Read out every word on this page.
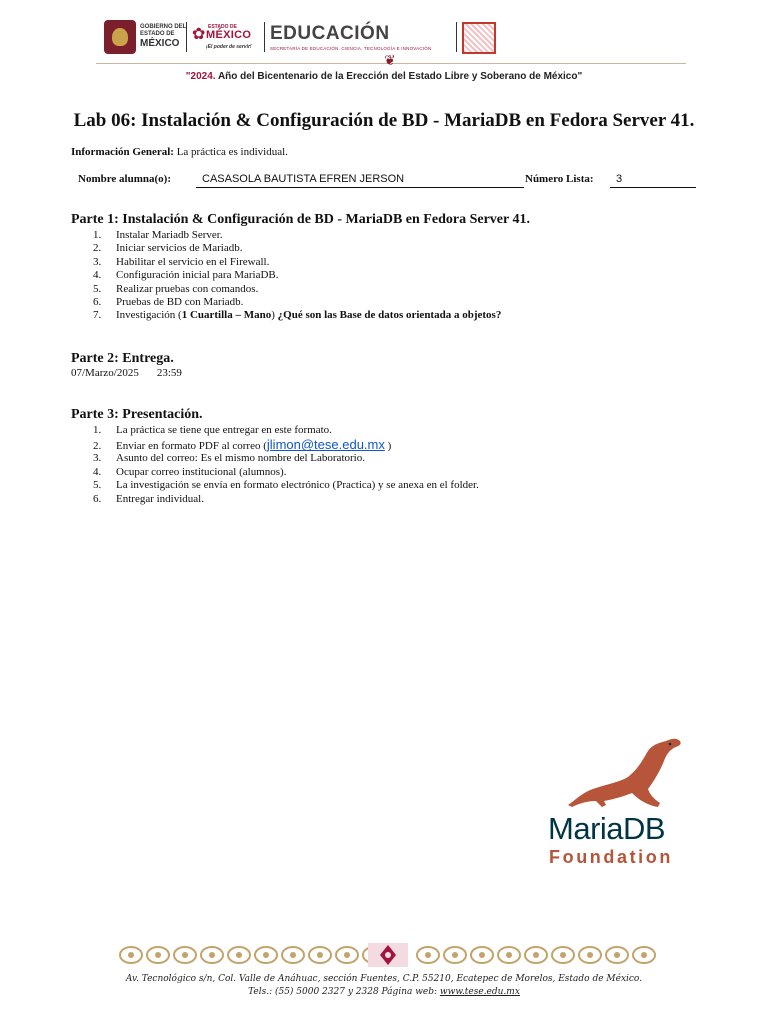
GOBIERNO DEL
ESTADO DE
MÉXICO
✿ ESTADO DE
MÉXICO
¡El poder de servir!
EDUCACIÓN
SECRETARÍA DE EDUCACIÓN, CIENCIA, TECNOLOGÍA E INNOVACIÓN
❦
"2024. Año del Bicentenario de la Erección del Estado Libre y Soberano de México"
Lab 06: Instalación & Configuración de BD - MariaDB en Fedora Server 41.
Información General: La práctica es individual.
Nombre alumna(o):	CASASOLA BAUTISTA EFREN JERSON	Número Lista:	3
Parte 1: Instalación & Configuración de BD - MariaDB en Fedora Server 41.
1. Instalar Mariadb Server.
2. Iniciar servicios de Mariadb.
3. Habilitar el servicio en el Firewall.
4. Configuración inicial para MariaDB.
5. Realizar pruebas con comandos.
6. Pruebas de BD con Mariadb.
7. Investigación (1 Cuartilla – Mano) ¿Qué son las Base de datos orientada a objetos?
Parte 2: Entrega.
07/Marzo/2025 23:59
Parte 3: Presentación.
1. La práctica se tiene que entregar en este formato.
2. Enviar en formato PDF al correo (jlimon@tese.edu.mx )
3. Asunto del correo: Es el mismo nombre del Laboratorio.
4. Ocupar correo institucional (alumnos).
5. La investigación se envía en formato electrónico (Practica) y se anexa en el folder.
6. Entregar individual.
MariaDB
Foundation
Av. Tecnológico s/n, Col. Valle de Anáhuac, sección Fuentes, C.P. 55210, Ecatepec de Morelos, Estado de México.
Tels.: (55) 5000 2327 y 2328 Página web: www.tese.edu.mx
